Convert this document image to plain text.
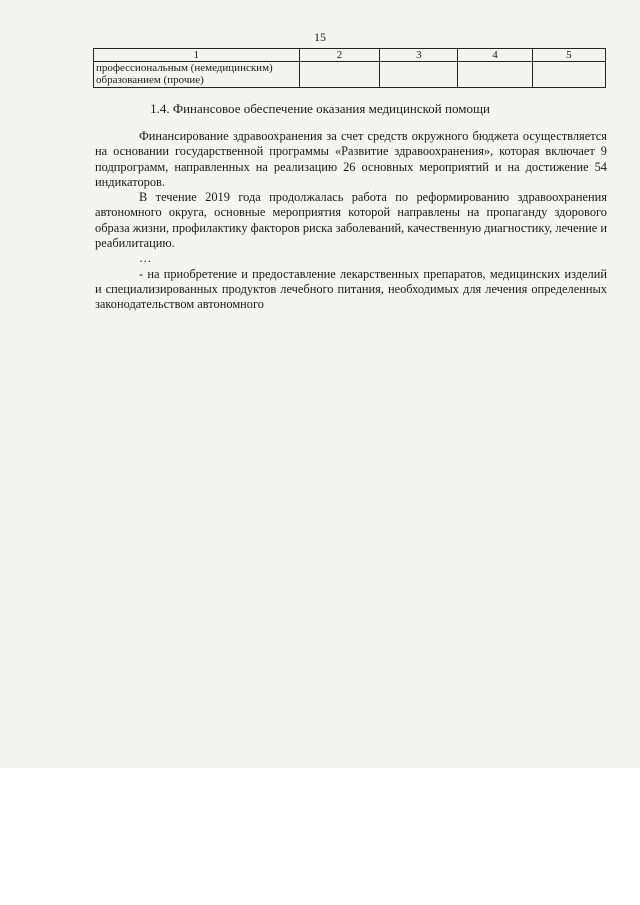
15
1	2	3	4	5
профессиональным (немедицинским) образованием (прочие)				
1.4. Финансовое обеспечение оказания медицинской помощи

Финансирование здравоохранения за счет средств окружного бюджета осуществляется на основании государственной программы «Развитие здравоохранения», которая включает 9 подпрограмм, направленных на реализацию 26 основных мероприятий и на достижение 54 индикаторов.

В течение 2019 года продолжалась работа по реформированию здравоохранения автономного округа, основные мероприятия которой направлены на пропаганду здорового образа жизни, профилактику факторов риска заболеваний, качественную диагностику, лечение и реабилитацию.

…

- на приобретение и предоставление лекарственных препаратов, медицинских изделий и специализированных продуктов лечебного питания, необходимых для лечения определенных законодательством автономного
